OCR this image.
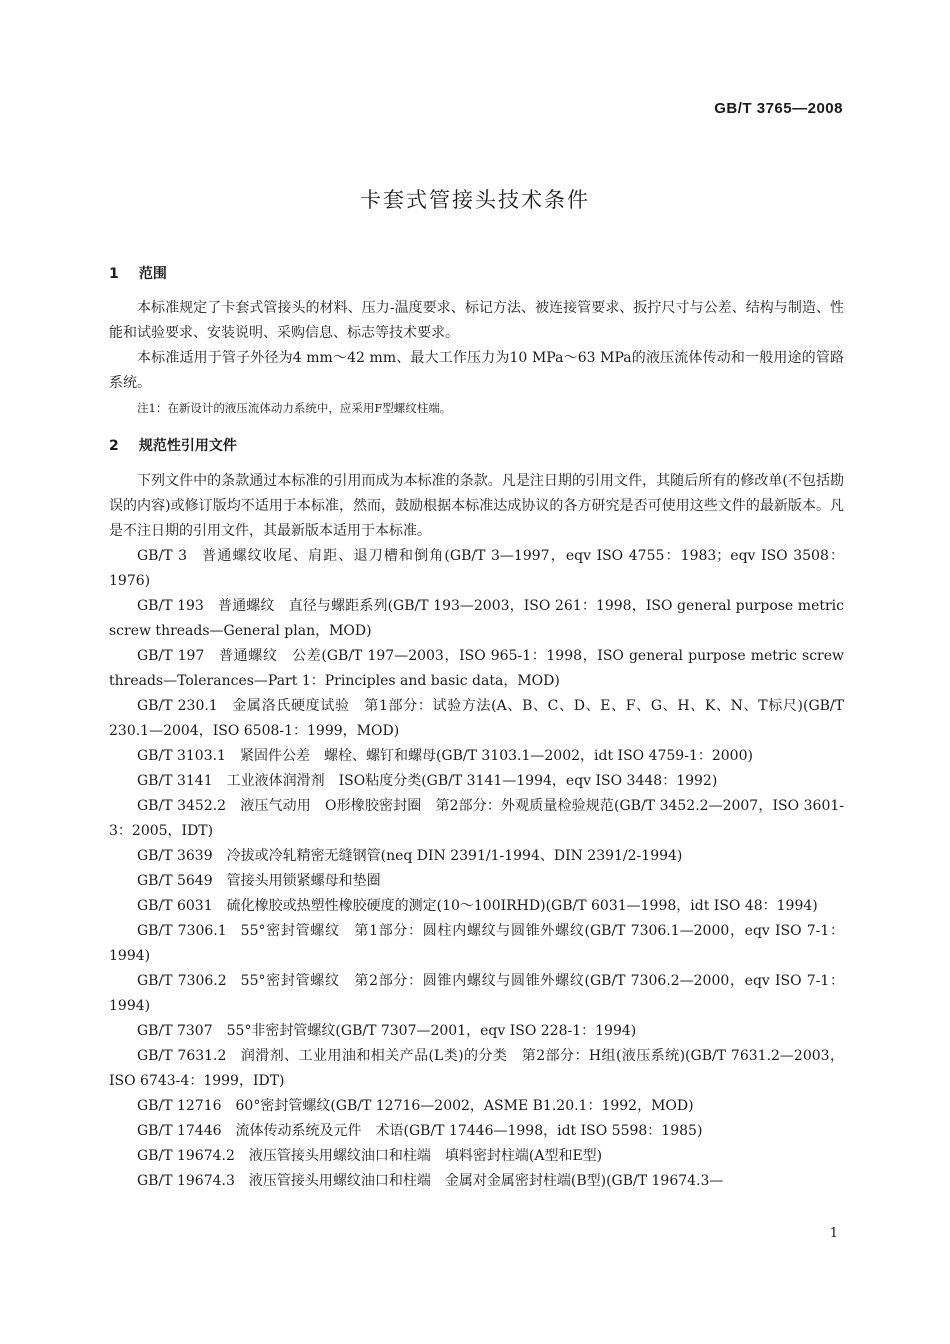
GB/T 3765—2008
卡套式管接头技术条件
1 范围

本标准规定了卡套式管接头的材料、压力-温度要求、标记方法、被连接管要求、扳拧尺寸与公差、结构与制造、性能和试验要求、安装说明、采购信息、标志等技术要求。

本标准适用于管子外径为4 mm～42 mm、最大工作压力为10 MPa～63 MPa的液压流体传动和一般用途的管路系统。

注1：在新设计的液压流体动力系统中，应采用F型螺纹柱端。
2 规范性引用文件

下列文件中的条款通过本标准的引用而成为本标准的条款。凡是注日期的引用文件，其随后所有的修改单(不包括勘误的内容)或修订版均不适用于本标准，然而，鼓励根据本标准达成协议的各方研究是否可使用这些文件的最新版本。凡是不注日期的引用文件，其最新版本适用于本标准。

GB/T 3 普通螺纹收尾、肩距、退刀槽和倒角(GB/T 3—1997，eqv ISO 4755：1983；eqv ISO 3508：1976)

GB/T 193 普通螺纹　直径与螺距系列(GB/T 193—2003，ISO 261：1998，ISO general purpose metric screw threads—General plan，MOD)

GB/T 197 普通螺纹　公差(GB/T 197—2003，ISO 965-1：1998，ISO general purpose metric screw threads—Tolerances—Part 1：Principles and basic data，MOD)

GB/T 230.1 金属洛氏硬度试验　第1部分：试验方法(A、B、C、D、E、F、G、H、K、N、T标尺)(GB/T 230.1—2004，ISO 6508-1：1999，MOD)

GB/T 3103.1 紧固件公差　螺栓、螺钉和螺母(GB/T 3103.1—2002，idt ISO 4759-1：2000)

GB/T 3141 工业液体润滑剂　ISO粘度分类(GB/T 3141—1994，eqv ISO 3448：1992)

GB/T 3452.2 液压气动用　O形橡胶密封圈　第2部分：外观质量检验规范(GB/T 3452.2—2007，ISO 3601-3：2005，IDT)

GB/T 3639 冷拔或冷轧精密无缝钢管(neq DIN 2391/1-1994、DIN 2391/2-1994)

GB/T 5649 管接头用锁紧螺母和垫圈

GB/T 6031 硫化橡胶或热塑性橡胶硬度的测定(10～100IRHD)(GB/T 6031—1998，idt ISO 48：1994)

GB/T 7306.1 55°密封管螺纹　第1部分：圆柱内螺纹与圆锥外螺纹(GB/T 7306.1—2000，eqv ISO 7-1：1994)

GB/T 7306.2 55°密封管螺纹　第2部分：圆锥内螺纹与圆锥外螺纹(GB/T 7306.2—2000，eqv ISO 7-1：1994)

GB/T 7307 55°非密封管螺纹(GB/T 7307—2001，eqv ISO 228-1：1994)

GB/T 7631.2 润滑剂、工业用油和相关产品(L类)的分类　第2部分：H组(液压系统)(GB/T 7631.2—2003，ISO 6743-4：1999，IDT)

GB/T 12716 60°密封管螺纹(GB/T 12716—2002，ASME B1.20.1：1992，MOD)

GB/T 17446 流体传动系统及元件　术语(GB/T 17446—1998，idt ISO 5598：1985)

GB/T 19674.2 液压管接头用螺纹油口和柱端　填料密封柱端(A型和E型)

GB/T 19674.3 液压管接头用螺纹油口和柱端　金属对金属密封柱端(B型)(GB/T 19674.3—

1
